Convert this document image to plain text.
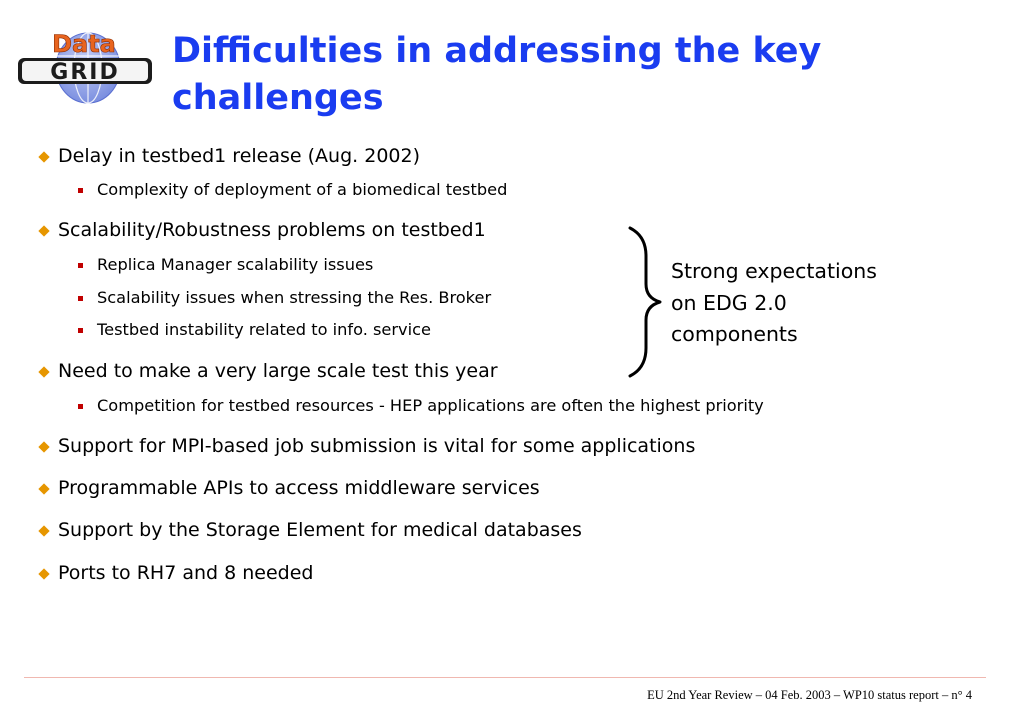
GRID
Data Difficulties in addressing the key
challenges
Delay in testbed1 release (Aug. 2002)
Complexity of deployment of a biomedical testbed
Scalability/Robustness problems on testbed1
Replica Manager scalability issues
Scalability issues when stressing the Res. Broker
Testbed instability related to info. service
Need to make a very large scale test this year
Competition for testbed resources - HEP applications are often the highest priority
Support for MPI-based job submission is vital for some applications
Programmable APIs to access middleware services
Support by the Storage Element for medical databases
Ports to RH7 and 8 needed

Strong expectations
on EDG 2.0
components

EU 2nd Year Review – 04 Feb. 2003 – WP10 status report – n° 4
